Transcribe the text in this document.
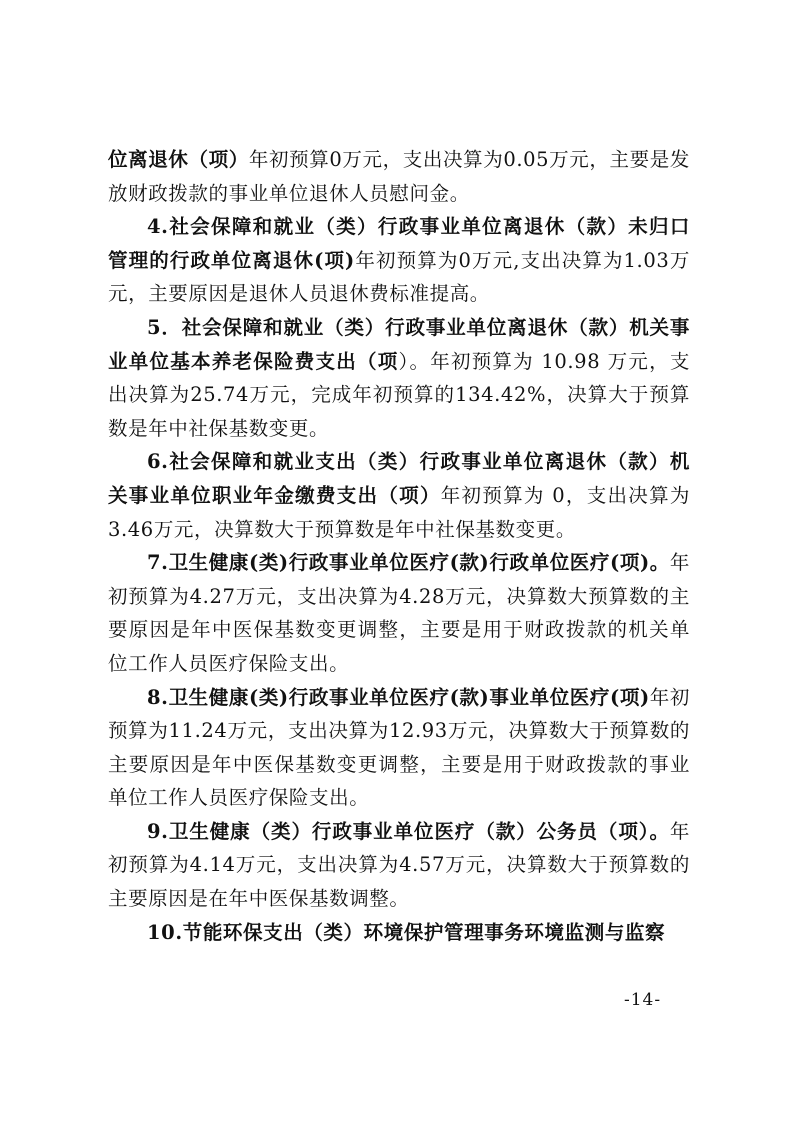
位离退休（项）年初预算0万元，支出决算为0.05万元，主要是发放财政拨款的事业单位退休人员慰问金。

4.社会保障和就业（类）行政事业单位离退休（款）未归口管理的行政单位离退休(项)年初预算为0万元,支出决算为1.03万元，主要原因是退休人员退休费标准提高。

5．社会保障和就业（类）行政事业单位离退休（款）机关事业单位基本养老保险费支出（项）。年初预算为 10.98 万元，支出决算为25.74万元，完成年初预算的134.42%，决算大于预算数是年中社保基数变更。

6.社会保障和就业支出（类）行政事业单位离退休（款）机关事业单位职业年金缴费支出（项）年初预算为 0，支出决算为3.46万元，决算数大于预算数是年中社保基数变更。

7.卫生健康(类)行政事业单位医疗(款)行政单位医疗(项)。年初预算为4.27万元，支出决算为4.28万元，决算数大预算数的主要原因是年中医保基数变更调整，主要是用于财政拨款的机关单位工作人员医疗保险支出。

8.卫生健康(类)行政事业单位医疗(款)事业单位医疗(项)年初预算为11.24万元，支出决算为12.93万元，决算数大于预算数的主要原因是年中医保基数变更调整，主要是用于财政拨款的事业单位工作人员医疗保险支出。

9.卫生健康（类）行政事业单位医疗（款）公务员（项）。年初预算为4.14万元，支出决算为4.57万元，决算数大于预算数的主要原因是在年中医保基数调整。

10.节能环保支出（类）环境保护管理事务环境监测与监察

-14-
